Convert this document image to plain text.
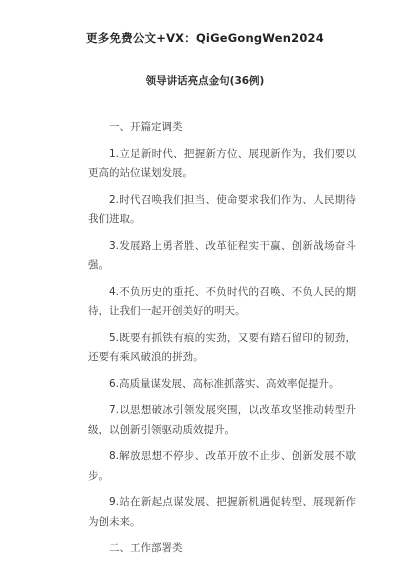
更多免费公文+VX：QiGeGongWen2024
领导讲话亮点金句(36例)

一、开篇定调类

1.立足新时代、把握新方位、展现新作为，我们要以更高的站位谋划发展。

2.时代召唤我们担当、使命要求我们作为、人民期待我们进取。

3.发展路上勇者胜、改革征程实干赢、创新战场奋斗强。

4.不负历史的重托、不负时代的召唤、不负人民的期待，让我们一起开创美好的明天。

5.既要有抓铁有痕的实劲，又要有踏石留印的韧劲，还要有乘风破浪的拼劲。

6.高质量谋发展、高标准抓落实、高效率促提升。

7.以思想破冰引领发展突围，以改革攻坚推动转型升级，以创新引领驱动质效提升。

8.解放思想不停步、改革开放不止步、创新发展不歇步。

9.站在新起点谋发展、把握新机遇促转型、展现新作为创未来。

二、工作部署类
